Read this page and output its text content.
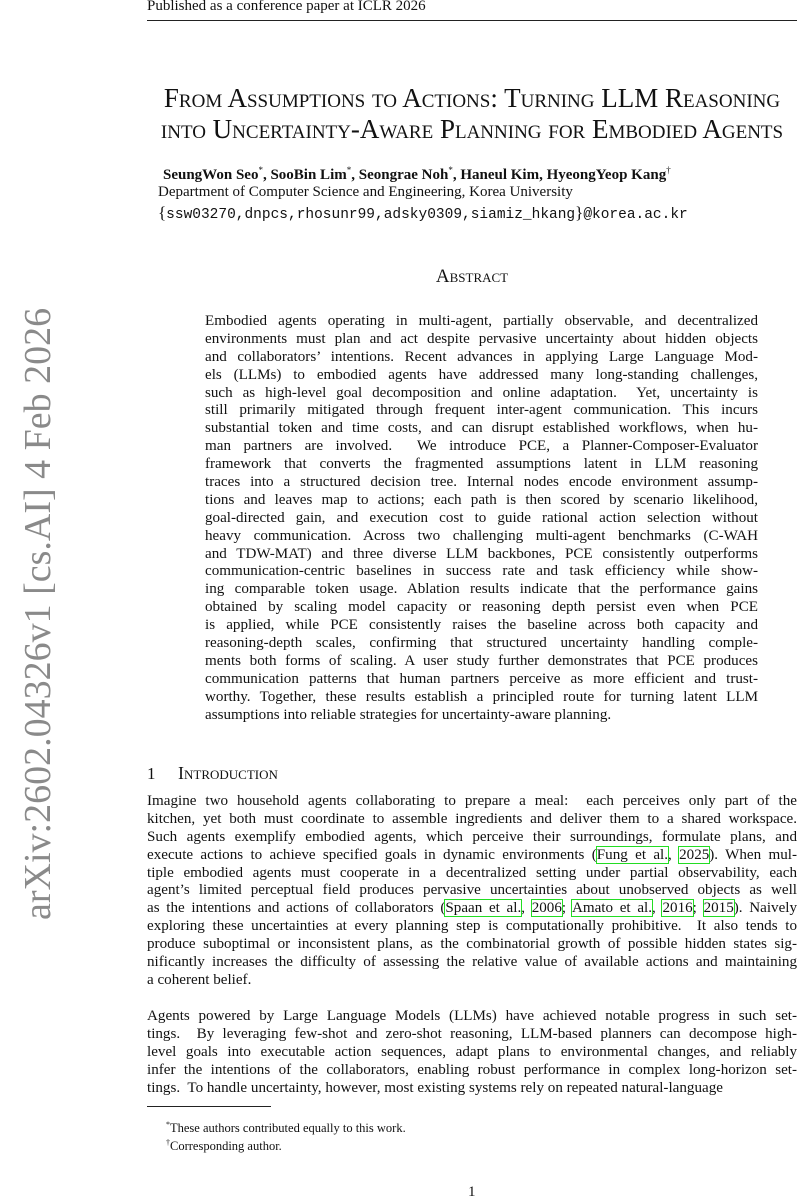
Published as a conference paper at ICLR 2026
arXiv:2602.04326v1 [cs.AI] 4 Feb 2026
From Assumptions to Actions: Turning LLM Reasoning
into Uncertainty-Aware Planning for Embodied Agents
SeungWon Seo*, SooBin Lim*, Seongrae Noh*, Haneul Kim, HyeongYeop Kang†
Department of Computer Science and Engineering, Korea University
{ssw03270,dnpcs,rhosunr99,adsky0309,siamiz_hkang}@korea.ac.kr
Abstract
Embodied agents operating in multi-agent, partially observable, and decentralized
environments must plan and act despite pervasive uncertainty about hidden objects
and collaborators’ intentions. Recent advances in applying Large Language Mod-
els (LLMs) to embodied agents have addressed many long-standing challenges,
such as high-level goal decomposition and online adaptation.  Yet, uncertainty is
still primarily mitigated through frequent inter-agent communication. This incurs
substantial token and time costs, and can disrupt established workflows, when hu-
man partners are involved.  We introduce PCE, a Planner-Composer-Evaluator
framework that converts the fragmented assumptions latent in LLM reasoning
traces into a structured decision tree. Internal nodes encode environment assump-
tions and leaves map to actions; each path is then scored by scenario likelihood,
goal-directed gain, and execution cost to guide rational action selection without
heavy communication. Across two challenging multi-agent benchmarks (C-WAH
and TDW-MAT) and three diverse LLM backbones, PCE consistently outperforms
communication-centric baselines in success rate and task efficiency while show-
ing comparable token usage. Ablation results indicate that the performance gains
obtained by scaling model capacity or reasoning depth persist even when PCE
is applied, while PCE consistently raises the baseline across both capacity and
reasoning-depth scales, confirming that structured uncertainty handling comple-
ments both forms of scaling. A user study further demonstrates that PCE produces
communication patterns that human partners perceive as more efficient and trust-
worthy. Together, these results establish a principled route for turning latent LLM
assumptions into reliable strategies for uncertainty-aware planning.
1 Introduction
Imagine two household agents collaborating to prepare a meal:  each perceives only part of the
kitchen, yet both must coordinate to assemble ingredients and deliver them to a shared workspace.
Such agents exemplify embodied agents, which perceive their surroundings, formulate plans, and
execute actions to achieve specified goals in dynamic environments (Fung et al., 2025). When mul-
tiple embodied agents must cooperate in a decentralized setting under partial observability, each
agent’s limited perceptual field produces pervasive uncertainties about unobserved objects as well
as the intentions and actions of collaborators (Spaan et al., 2006; Amato et al., 2016; 2015). Naively
exploring these uncertainties at every planning step is computationally prohibitive.  It also tends to
produce suboptimal or inconsistent plans, as the combinatorial growth of possible hidden states sig-
nificantly increases the difficulty of assessing the relative value of available actions and maintaining
a coherent belief.
Agents powered by Large Language Models (LLMs) have achieved notable progress in such set-
tings.  By leveraging few-shot and zero-shot reasoning, LLM-based planners can decompose high-
level goals into executable action sequences, adapt plans to environmental changes, and reliably
infer the intentions of the collaborators, enabling robust performance in complex long-horizon set-
tings.  To handle uncertainty, however, most existing systems rely on repeated natural-language
*These authors contributed equally to this work.
†Corresponding author.
1
